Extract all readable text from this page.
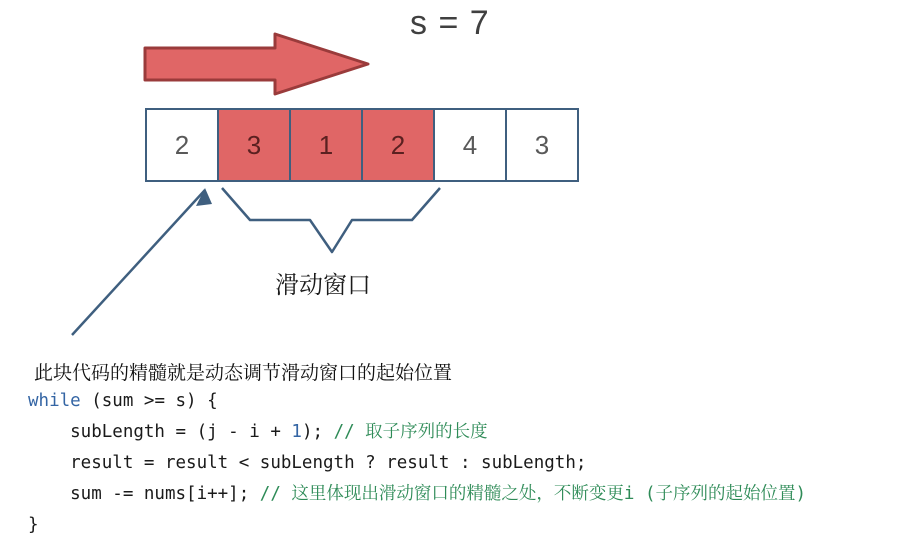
s = 7
2	3	1	2	4	3
滑动窗口
此块代码的精髓就是动态调节滑动窗口的起始位置
while (sum >= s) {
subLength = (j - i + 1); // 取子序列的长度
result = result < subLength ? result : subLength;
sum -= nums[i++]; // 这里体现出滑动窗口的精髓之处，不断变更i (子序列的起始位置)
}
